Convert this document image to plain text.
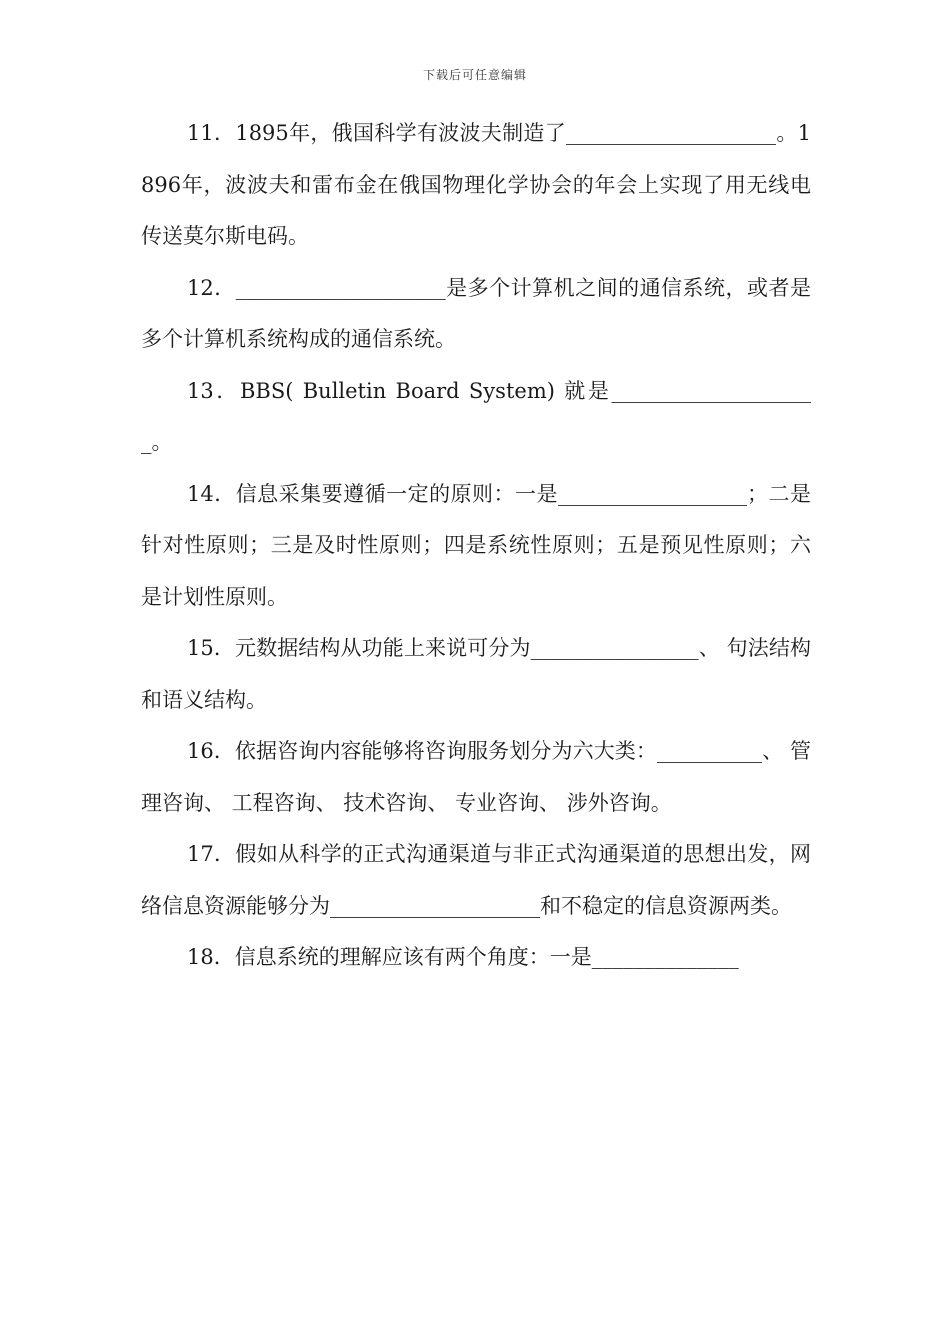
下载后可任意编辑

11．1895年，俄国科学有波波夫制造了____________________。1896年，波波夫和雷布金在俄国物理化学协会的年会上实现了用无线电传送莫尔斯电码。

12．____________________是多个计算机之间的通信系统，或者是多个计算机系统构成的通信系统。

13．BBS( Bulletin Board System) 就是____________________。

14．信息采集要遵循一定的原则：一是__________________；二是针对性原则；三是及时性原则；四是系统性原则；五是预见性原则；六是计划性原则。

15．元数据结构从功能上来说可分为________________、 句法结构和语义结构。

16．依据咨询内容能够将咨询服务划分为六大类：__________、 管理咨询、 工程咨询、 技术咨询、 专业咨询、 涉外咨询。

17．假如从科学的正式沟通渠道与非正式沟通渠道的思想出发，网络信息资源能够分为____________________和不稳定的信息资源两类。

18．信息系统的理解应该有两个角度：一是______________
